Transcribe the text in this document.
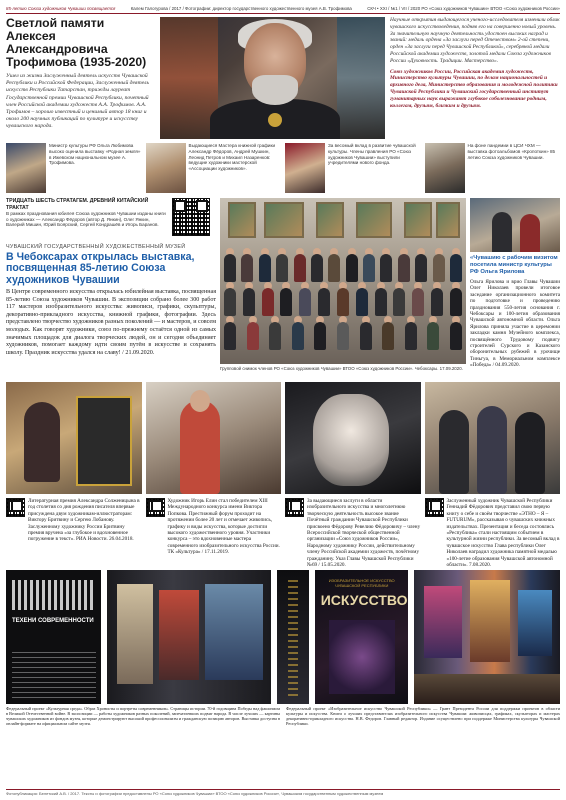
85-летию Союза художников Чувашии посвящается	Калем Галогурова / 2017 / Фотографии: директор государственного художественного музея А.В. Трофимова	СКЧ • XXI / №1 / VII / 2020 РО «Союз художников Чувашии» ВТОО «Союз художников России»
Светлой памяти Алексея Александровича Трофимова (1935-2020)

Ушел из жизни Заслуженный деятель искусств Чувашской Республики и Российской Федерации, Заслуженный деятель искусств Республики Татарстан, трижды лауреат Государственной премии Чувашской Республики, почетный член Российской академии художеств А.А. Трофимов. А.А. Трофимов – хорошо известный и ценимый автор 18 книг и около 200 научных публикаций по культуре и искусству чувашского народа.

Научные открытия выдающегося ученого-исследователя изменили облик чувашского искусствоведения, подняв его на совершенно новый уровень. За значительную научную деятельность удостоен высоких наград и званий: медаль ордена «За заслуги перед Отечеством» 2-ой степени, орден «За заслуги перед Чувашской Республикой», серебряной медали Российской академии художеств, золотой медали Союза художников России «Духовность. Традиции. Мастерство».

Союз художников России, Российская академия художеств, Министерство культуры Чувашии, по делам национальностей и архивного дела, Министерство образования и молодежной политики Чувашской Республики и Чувашский государственный институт гуманитарных наук выражают глубокое соболезнование родным, коллегам, друзьям, близким и друзьям.

Министр культуры РФ Ольга Любимова высоко оценила выставку «Родная земля» в Ижевском национальном музее А. Трофимова.
Выдающиеся Мастера книжной графики Александр Фёдоров, Андрей Мушкин, Леонид Петров и Михаил Назаренков: ведущие художники мастерской «Ассоциации художников».
За весомый вклад в развитие чувашской культуры. Члены правления РО «Союз художников Чувашии» выступили учредителями нового фонда.
На фоне пандемии в ЦСИ ЧХМ — выставка фотоальбомов «Кропоткин» 85 летию Союза художников Чувашии.
ТРИДЦАТЬ ШЕСТЬ СТРАТАГЕМ. ДРЕВНИЙ КИТАЙСКИЙ ТРАКТАТ
В рамках празднования юбилея Союза художников Чувашии изданы книги о художниках — Александр Фёдоров (автор Д. Янкин), Олег Янкин, Валерий Мишин, Юрий Боярский, Сергей Кондрашёв и Игорь Баранов.
ЧУВАШСКИЙ ГОСУДАРСТВЕННЫЙ ХУДОЖЕСТВЕННЫЙ МУЗЕЙ
В Чебоксарах открылась выставка, посвященная 85-летию Союза художников Чувашии
В Центре современного искусства открылась юбилейная выставка, посвященная 85-летию Союза художников Чувашии. В экспозиции собрано более 300 работ 117 мастеров изобразительного искусства: живописи, графики, скульптуры, декоративно-прикладного искусства, книжной графики, фотографии. Здесь представлено творчество художников разных поколений — и мастеров, и совсем молодых. Как говорят художники, союз по-прежнему остаётся одной из самых значимых площадок для диалога творческих людей, он и сегодня объединяет художников, помогает каждому идти своим путём в искусстве и сохранять школу. Праздник искусства удался на славу! / 21.09.2020.
Групповой снимок членов РО «Союз художников Чувашии» ВТОО «Союз художников России». Чебоксары. 17.09.2020.
«Чувашию с рабочим визитом посетила министр культуры РФ Ольга Ярилова

Ольга Ярилова и врио Главы Чувашии Олег Николаев провели итоговое заседание организационного комитета по подготовке и проведению празднования 550-летия основания г. Чебоксары и 100-летия образования Чувашской автономной области. Ольга Ярилова приняла участие в церемонии закладки камня Музейного комплекса, посвящённого Трудовому подвигу строителей Сурского и Казанского оборонительных рубежей в урочище Тиньгуа, в Мемориальном комплексе «Победа» / 04.09.2020.

Литературная премия Александра Солженицына в год столетия со дня рождения писателя впервые присуждена двум художникам-иллюстраторам: Виктору Бритвину и Сергею Лобанову. Заслуженному художнику России Бритвину премия вручена «за глубокое и вдохновенное погружение в текст». РИА Новости. 26.04.2018.
Художник Игорь Елин стал победителем XIII Международного конкурса имени Виктора Попкова. Престижный форум проходит на протяжении более 20 лет и отмечает живопись, графику и виды искусства, которые достигли высокого художественного уровня. Участники конкурса – это вдохновенные мастера современного изобразительного искусства России. ТК «Культура» / 17.11.2019.
За выдающиеся заслуги в области изобразительного искусства и многолетнюю творческую деятельность высокое звание Почётный гражданин Чувашской Республики присвоено Фёдорову Ревелию Фёдоровичу – члену Всероссийской творческой общественной организации «Союз художников России», Народному художнику России, действительному члену Российской академии художеств, почётному гражданину. Указ Главы Чувашской Республики №69 / 15.05.2020.
Заслуженный художник Чувашской Республики Геннадий Фёдорович представил свою первую книгу о себе и своём творчестве «ЭТНО – Я – FUTURUM», рассказывая о чувашских книжных издательствах. Презентация и беседа состоялись «Республика» стали настоящим событием в культурной жизни республики. За весомый вклад в чувашское искусство Глава республики Олег Николаев наградил художника памятной медалью «100-летие образования Чувашской автономной области». 7.08.2020.
ТЕХЕНИ СОВРЕМЕННОСТИ
ИЗОБРАЗИТЕЛЬНОЕ ИСКУССТВО ЧУВАШСКОЙ РЕСПУБЛИКИ
ИСКУССТВО
Федеральный проект «Культурная среда». Образ Хронисты и портреты современников». Страницы истории. 70-й годовщина Победы над фашизмом в Великой Отечественной войне. В экспозиции — работы художников разных поколений, запечатлевших подвиг народа. В числе лучших — картины чувашских художников из фондов музея, которые демонстрируют высокий профессионализм и гражданскую позицию авторов. Выставка доступна в онлайн-формате на официальном сайте музея.
Федеральный проект «Изобразительное искусство Чувашской Республики» — Грант Президента России для поддержки проектов в области культуры и искусства. Книги о лучших представителях изобразительного искусства Чувашии: живописцах, графиках, скульпторах и мастерах декоративно-прикладного искусства. Н.В. Федоров. Главный редактор. Издание осуществлено при поддержке Министерства культуры Чувашской Республики.
Фотопубликация: Белетский А.В. / 2017. Тексты и фотографии предоставлены РО «Союз художников Чувашии» ВТОО «Союз художников России», Чувашским государственным художественным музеем
